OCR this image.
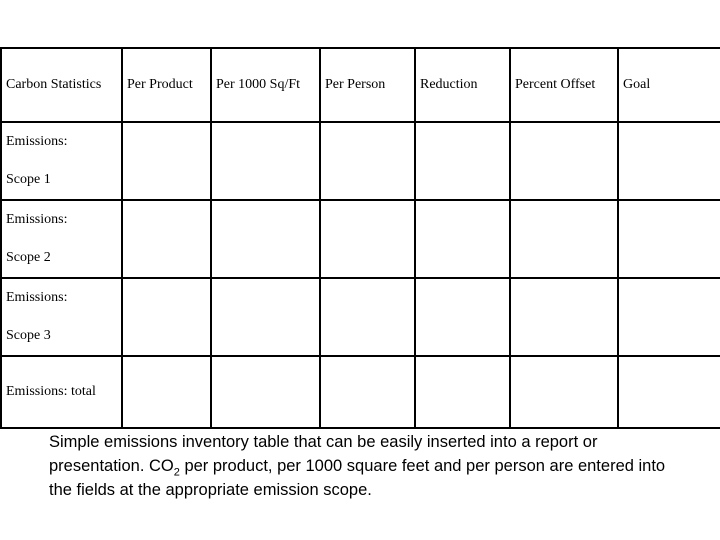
Carbon Statistics	Per Product	Per 1000 Sq/Ft	Per Person	Reduction	Percent Offset	Goal

Emissions:
Scope 1						

Emissions:
Scope 2						

Emissions:
Scope 3						

Emissions: total						
Simple emissions inventory table that can be easily inserted into a report or presentation. $CO_2$ per product, per 1000 square feet and per person are entered into the fields at the appropriate emission scope.
